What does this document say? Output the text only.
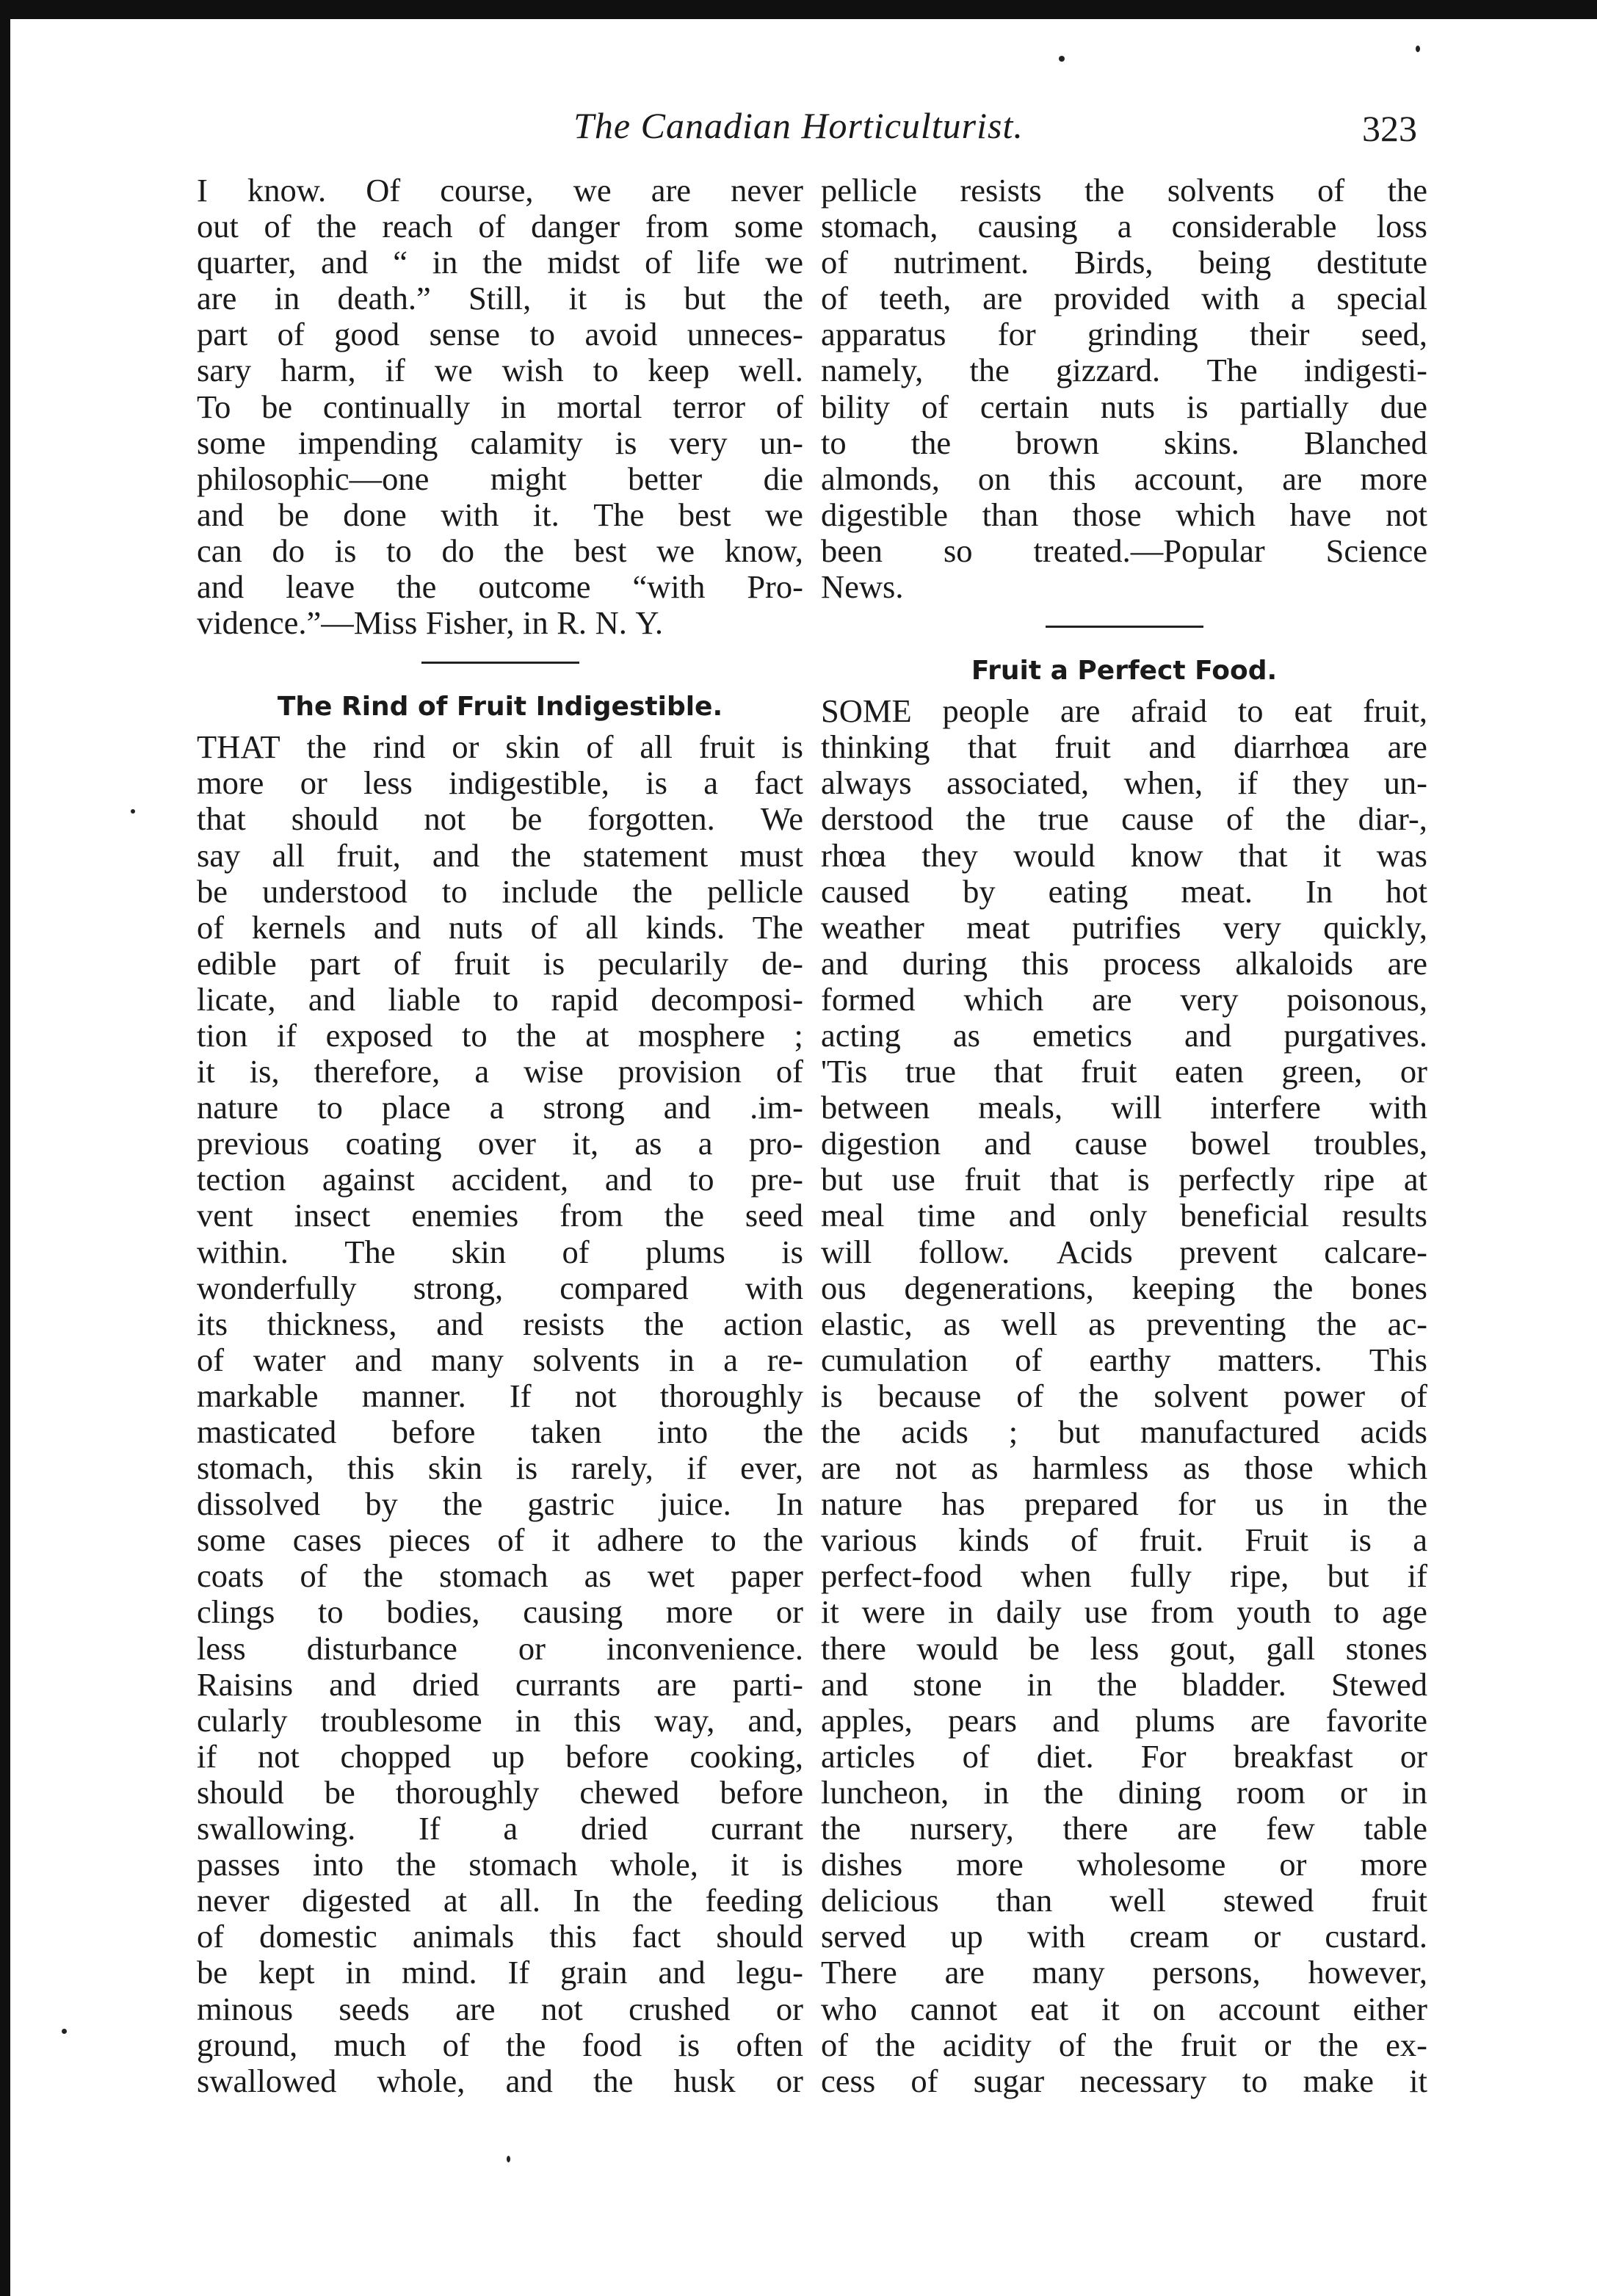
The Canadian Horticulturist.	323
I know. Of course, we are never
out of the reach of danger from some
quarter, and “ in the midst of life we
are in death.” Still, it is but the
part of good sense to avoid unneces-
sary harm, if we wish to keep well.
To be continually in mortal terror of
some impending calamity is very un-
philosophic—one might better die
and be done with it. The best we
can do is to do the best we know,
and leave the outcome “with Pro-
vidence.”—Miss Fisher, in R. N. Y.
The Rind of Fruit Indigestible.
THAT the rind or skin of all fruit is
more or less indigestible, is a fact
that should not be forgotten. We
say all fruit, and the statement must
be understood to include the pellicle
of kernels and nuts of all kinds. The
edible part of fruit is pecularily de-
licate, and liable to rapid decomposi-
tion if exposed to the at mosphere ;
it is, therefore, a wise provision of
nature to place a strong and .im-
previous coating over it, as a pro-
tection against accident, and to pre-
vent insect enemies from the seed
within. The skin of plums is
wonderfully strong, compared with
its thickness, and resists the action
of water and many solvents in a re-
markable manner. If not thoroughly
masticated before taken into the
stomach, this skin is rarely, if ever,
dissolved by the gastric juice. In
some cases pieces of it adhere to the
coats of the stomach as wet paper
clings to bodies, causing more or
less disturbance or inconvenience.
Raisins and dried currants are parti-
cularly troublesome in this way, and,
if not chopped up before cooking,
should be thoroughly chewed before
swallowing. If a dried currant
passes into the stomach whole, it is
never digested at all. In the feeding
of domestic animals this fact should
be kept in mind. If grain and legu-
minous seeds are not crushed or
ground, much of the food is often
swallowed whole, and the husk or
pellicle resists the solvents of the
stomach, causing a considerable loss
of nutriment. Birds, being destitute
of teeth, are provided with a special
apparatus for grinding their seed,
namely, the gizzard. The indigesti-
bility of certain nuts is partially due
to the brown skins. Blanched
almonds, on this account, are more
digestible than those which have not
been so treated.—Popular Science
News.
Fruit a Perfect Food.
SOME people are afraid to eat fruit,
thinking that fruit and diarrhœa are
always associated, when, if they un-
derstood the true cause of the diar-,
rhœa they would know that it was
caused by eating meat. In hot
weather meat putrifies very quickly,
and during this process alkaloids are
formed which are very poisonous,
acting as emetics and purgatives.
'Tis true that fruit eaten green, or
between meals, will interfere with
digestion and cause bowel troubles,
but use fruit that is perfectly ripe at
meal time and only beneficial results
will follow. Acids prevent calcare-
ous degenerations, keeping the bones
elastic, as well as preventing the ac-
cumulation of earthy matters. This
is because of the solvent power of
the acids ; but manufactured acids
are not as harmless as those which
nature has prepared for us in the
various kinds of fruit. Fruit is a
perfect-food when fully ripe, but if
it were in daily use from youth to age
there would be less gout, gall stones
and stone in the bladder. Stewed
apples, pears and plums are favorite
articles of diet. For breakfast or
luncheon, in the dining room or in
the nursery, there are few table
dishes more wholesome or more
delicious than well stewed fruit
served up with cream or custard.
There are many persons, however,
who cannot eat it on account either
of the acidity of the fruit or the ex-
cess of sugar necessary to make it
